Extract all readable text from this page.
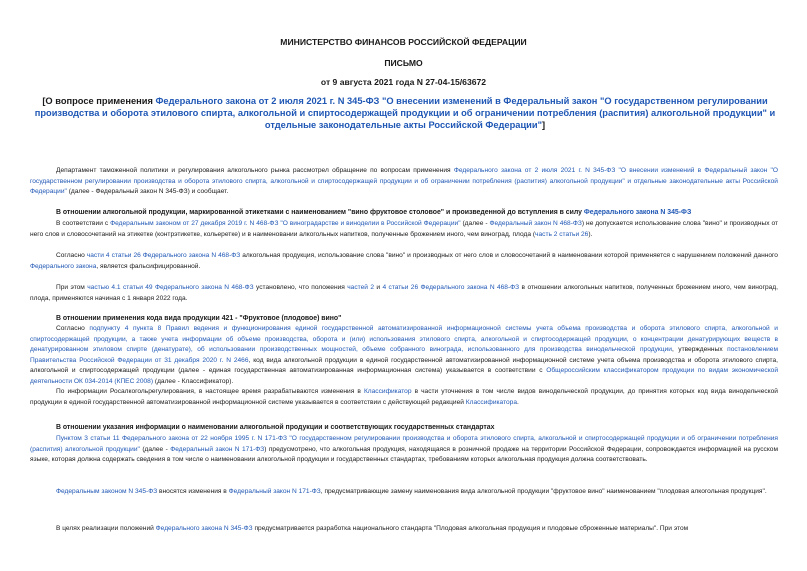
МИНИСТЕРСТВО ФИНАНСОВ РОССИЙСКОЙ ФЕДЕРАЦИИ
ПИСЬМО
от 9 августа 2021 года N 27-04-15/63672
[О вопросе применения Федерального закона от 2 июля 2021 г. N 345-ФЗ "О внесении изменений в Федеральный закон "О государственном регулировании производства и оборота этилового спирта, алкогольной и спиртосодержащей продукции и об ограничении потребления (распития) алкогольной продукции" и отдельные законодательные акты Российской Федерации"]
Департамент таможенной политики и регулирования алкогольного рынка рассмотрел обращение по вопросам применения Федерального закона от 2 июля 2021 г. N 345-ФЗ "О внесении изменений в Федеральный закон "О государственном регулировании производства и оборота этилового спирта, алкогольной и спиртосодержащей продукции и об ограничении потребления (распития) алкогольной продукции" и отдельные законодательные акты Российской Федерации" (далее - Федеральный закон N 345-ФЗ) и сообщает.
В отношении алкогольной продукции, маркированной этикетками с наименованием "вино фруктовое столовое" и произведенной до вступления в силу Федерального закона N 345-ФЗ
В соответствии с Федеральным законом от 27 декабря 2019 г. N 468-ФЗ "О виноградарстве и виноделии в Российской Федерации" (далее - Федеральный закон N 468-ФЗ) не допускается использование слова "вино" и производных от него слов и словосочетаний на этикетке (контрэтикетке, кольеретке) и в наименовании алкогольных напитков, полученные брожением иного, чем виноград, плода (часть 2 статьи 26).
Согласно части 4 статьи 26 Федерального закона N 468-ФЗ алкогольная продукция, использование слова "вино" и производных от него слов и словосочетаний в наименовании которой применяется с нарушением положений данного Федерального закона, является фальсифицированной.
При этом частью 4.1 статьи 49 Федерального закона N 468-ФЗ установлено, что положения частей 2 и 4 статьи 26 Федерального закона N 468-ФЗ в отношении алкогольных напитков, полученных брожением иного, чем виноград, плода, применяются начиная с 1 января 2022 года.
В отношении применения кода вида продукции 421 - "Фруктовое (плодовое) вино"
Согласно подпункту 4 пункта 8 Правил ведения и функционирования единой государственной автоматизированной информационной системы учета объема производства и оборота этилового спирта, алкогольной и спиртосодержащей продукции, а также учета информации об объеме производства, оборота и (или) использования этилового спирта, алкогольной и спиртосодержащей продукции, о концентрации денатурирующих веществ в денатурированном этиловом спирте (денатурате), об использовании производственных мощностей, объеме собранного винограда, использованного для производства винодельческой продукции, утвержденных постановлением Правительства Российской Федерации от 31 декабря 2020 г. N 2466, код вида алкогольной продукции в единой государственной автоматизированной информационной системе учета объема производства и оборота этилового спирта, алкогольной и спиртосодержащей продукции (далее - единая государственная автоматизированная информационная система) указывается в соответствии с Общероссийским классификатором продукции по видам экономической деятельности ОК 034-2014 (КПЕС 2008) (далее - Классификатор).
По информации Росалкогольрегулирования, в настоящее время разрабатываются изменения в Классификатор в части уточнения в том числе видов винодельческой продукции, до принятия которых код вида винодельческой продукции в единой государственной автоматизированной информационной системе указывается в соответствии с действующей редакцией Классификатора.
В отношении указания информации о наименовании алкогольной продукции и соответствующих государственных стандартах
Пунктом 3 статьи 11 Федерального закона от 22 ноября 1995 г. N 171-ФЗ "О государственном регулировании производства и оборота этилового спирта, алкогольной и спиртосодержащей продукции и об ограничении потребления (распития) алкогольной продукции" (далее - Федеральный закон N 171-ФЗ) предусмотрено, что алкогольная продукция, находящаяся в розничной продаже на территории Российской Федерации, сопровождается информацией на русском языке, которая должна содержать сведения в том числе о наименовании алкогольной продукции и государственных стандартах, требованиям которых алкогольная продукция должна соответствовать.
Федеральным законом N 345-ФЗ вносятся изменения в Федеральный закон N 171-ФЗ, предусматривающие замену наименования вида алкогольной продукции "фруктовое вино" наименованием "плодовая алкогольная продукция".
В целях реализации положений Федерального закона N 345-ФЗ предусматривается разработка национального стандарта "Плодовая алкогольная продукция и плодовые сброженные материалы". При этом
